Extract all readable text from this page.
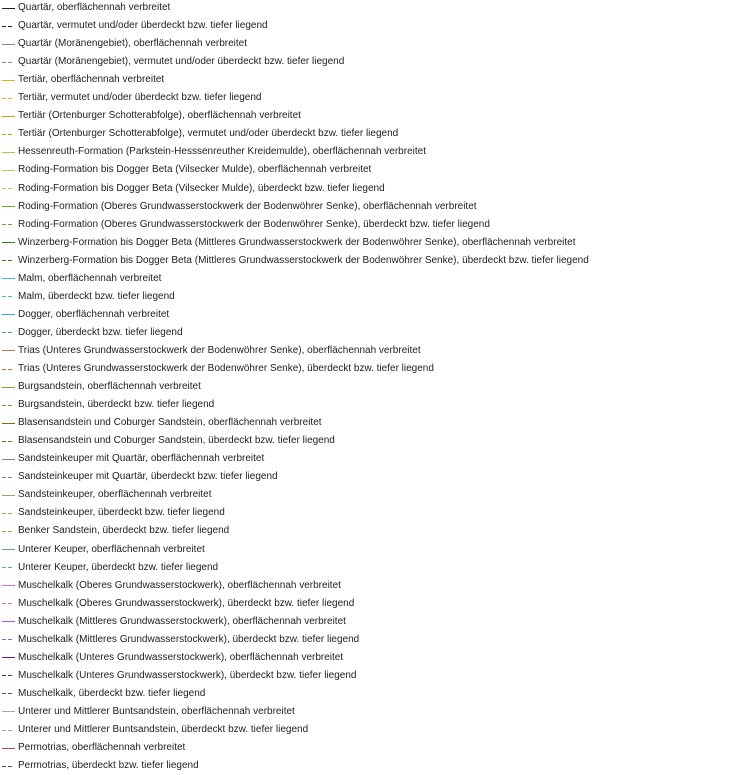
Quartär, oberflächennah verbreitet
Quartär, vermutet und/oder überdeckt bzw. tiefer liegend
Quartär (Moränengebiet), oberflächennah verbreitet
Quartär (Moränengebiet), vermutet und/oder überdeckt bzw. tiefer liegend
Tertiär, oberflächennah verbreitet
Tertiär, vermutet und/oder überdeckt bzw. tiefer liegend
Tertiär (Ortenburger Schotterabfolge), oberflächennah verbreitet
Tertiär (Ortenburger Schotterabfolge), vermutet und/oder überdeckt bzw. tiefer liegend
Hessenreuth-Formation (Parkstein-Hesssenreuther Kreidemulde), oberflächennah verbreitet
Roding-Formation bis Dogger Beta (Vilsecker Mulde), oberflächennah verbreitet
Roding-Formation bis Dogger Beta (Vilsecker Mulde), überdeckt bzw. tiefer liegend
Roding-Formation (Oberes Grundwasserstockwerk der Bodenwöhrer Senke), oberflächennah verbreitet
Roding-Formation (Oberes Grundwasserstockwerk der Bodenwöhrer Senke), überdeckt bzw. tiefer liegend
Winzerberg-Formation bis Dogger Beta (Mittleres Grundwasserstockwerk der Bodenwöhrer Senke), oberflächennah verbreitet
Winzerberg-Formation bis Dogger Beta (Mittleres Grundwasserstockwerk der Bodenwöhrer Senke), überdeckt bzw. tiefer liegend
Malm, oberflächennah verbreitet
Malm, überdeckt bzw. tiefer liegend
Dogger, oberflächennah verbreitet
Dogger, überdeckt bzw. tiefer liegend
Trias (Unteres Grundwasserstockwerk der Bodenwöhrer Senke), oberflächennah verbreitet
Trias (Unteres Grundwasserstockwerk der Bodenwöhrer Senke), überdeckt bzw. tiefer liegend
Burgsandstein, oberflächennah verbreitet
Burgsandstein, überdeckt bzw. tiefer liegend
Blasensandstein und Coburger Sandstein, oberflächennah verbreitet
Blasensandstein und Coburger Sandstein, überdeckt bzw. tiefer liegend
Sandsteinkeuper mit Quartär, oberflächennah verbreitet
Sandsteinkeuper mit Quartär, überdeckt bzw. tiefer liegend
Sandsteinkeuper, oberflächennah verbreitet
Sandsteinkeuper, überdeckt bzw. tiefer liegend
Benker Sandstein, überdeckt bzw. tiefer liegend
Unterer Keuper, oberflächennah verbreitet
Unterer Keuper, überdeckt bzw. tiefer liegend
Muschelkalk (Oberes Grundwasserstockwerk), oberflächennah verbreitet
Muschelkalk (Oberes Grundwasserstockwerk), überdeckt bzw. tiefer liegend
Muschelkalk (Mittleres Grundwasserstockwerk), oberflächennah verbreitet
Muschelkalk (Mittleres Grundwasserstockwerk), überdeckt bzw. tiefer liegend
Muschelkalk (Unteres Grundwasserstockwerk), oberflächennah verbreitet
Muschelkalk (Unteres Grundwasserstockwerk), überdeckt bzw. tiefer liegend
Muschelkalk, überdeckt bzw. tiefer liegend
Unterer und Mittlerer Buntsandstein, oberflächennah verbreitet
Unterer und Mittlerer Buntsandstein, überdeckt bzw. tiefer liegend
Permotrias, oberflächennah verbreitet
Permotrias, überdeckt bzw. tiefer liegend
